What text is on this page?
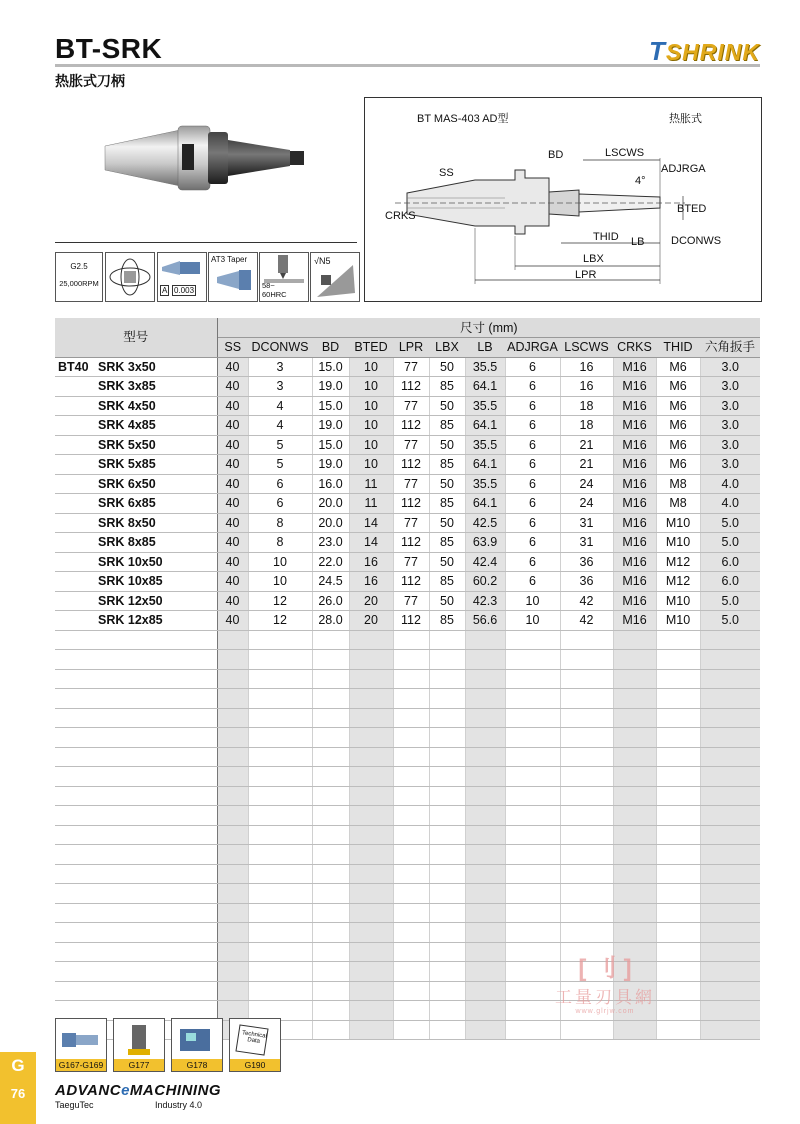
BT-SRK
热胀式刀柄
TSHRINK
G2.5
25,000RPM
A 0.003
AT3 Taper
58~ 60HRC
√N5
BT MAS-403 AD型	热胀式
SS
BD	LSCWS
ADJRGA
4°
CRKS
BTED
THID LB DCONWS
LBX
LPR
型号	尺寸 (mm)											
	SS	DCONWS	BD	BTED	LPR	LBX	LB	ADJRGA	LSCWS	CRKS	THID	六角扳手
BT40 SRK 3x50	40	3	15.0	10	77	50	35.5	6	16	M16	M6	3.0
SRK 3x85	40	3	19.0	10	112	85	64.1	6	16	M16	M6	3.0
SRK 4x50	40	4	15.0	10	77	50	35.5	6	18	M16	M6	3.0
SRK 4x85	40	4	19.0	10	112	85	64.1	6	18	M16	M6	3.0
SRK 5x50	40	5	15.0	10	77	50	35.5	6	21	M16	M6	3.0
SRK 5x85	40	5	19.0	10	112	85	64.1	6	21	M16	M6	3.0
SRK 6x50	40	6	16.0	11	77	50	35.5	6	24	M16	M8	4.0
SRK 6x85	40	6	20.0	11	112	85	64.1	6	24	M16	M8	4.0
SRK 8x50	40	8	20.0	14	77	50	42.5	6	31	M16	M10	5.0
SRK 8x85	40	8	23.0	14	112	85	63.9	6	31	M16	M10	5.0
SRK 10x50	40	10	22.0	16	77	50	42.4	6	36	M16	M12	6.0
SRK 10x85	40	10	24.5	16	112	85	60.2	6	36	M16	M12	6.0
SRK 12x50	40	12	26.0	20	77	50	42.3	10	42	M16	M10	5.0
SRK 12x85	40	12	28.0	20	112	85	56.6	10	42	M16	M10	5.0

[ 刂 ]
工量刃具網
www.glrjw.com
G167-G169	G177	G178
Technical Data
G190
G
76	ADVANCeMACHINING
TaeguTec	Industry 4.0
